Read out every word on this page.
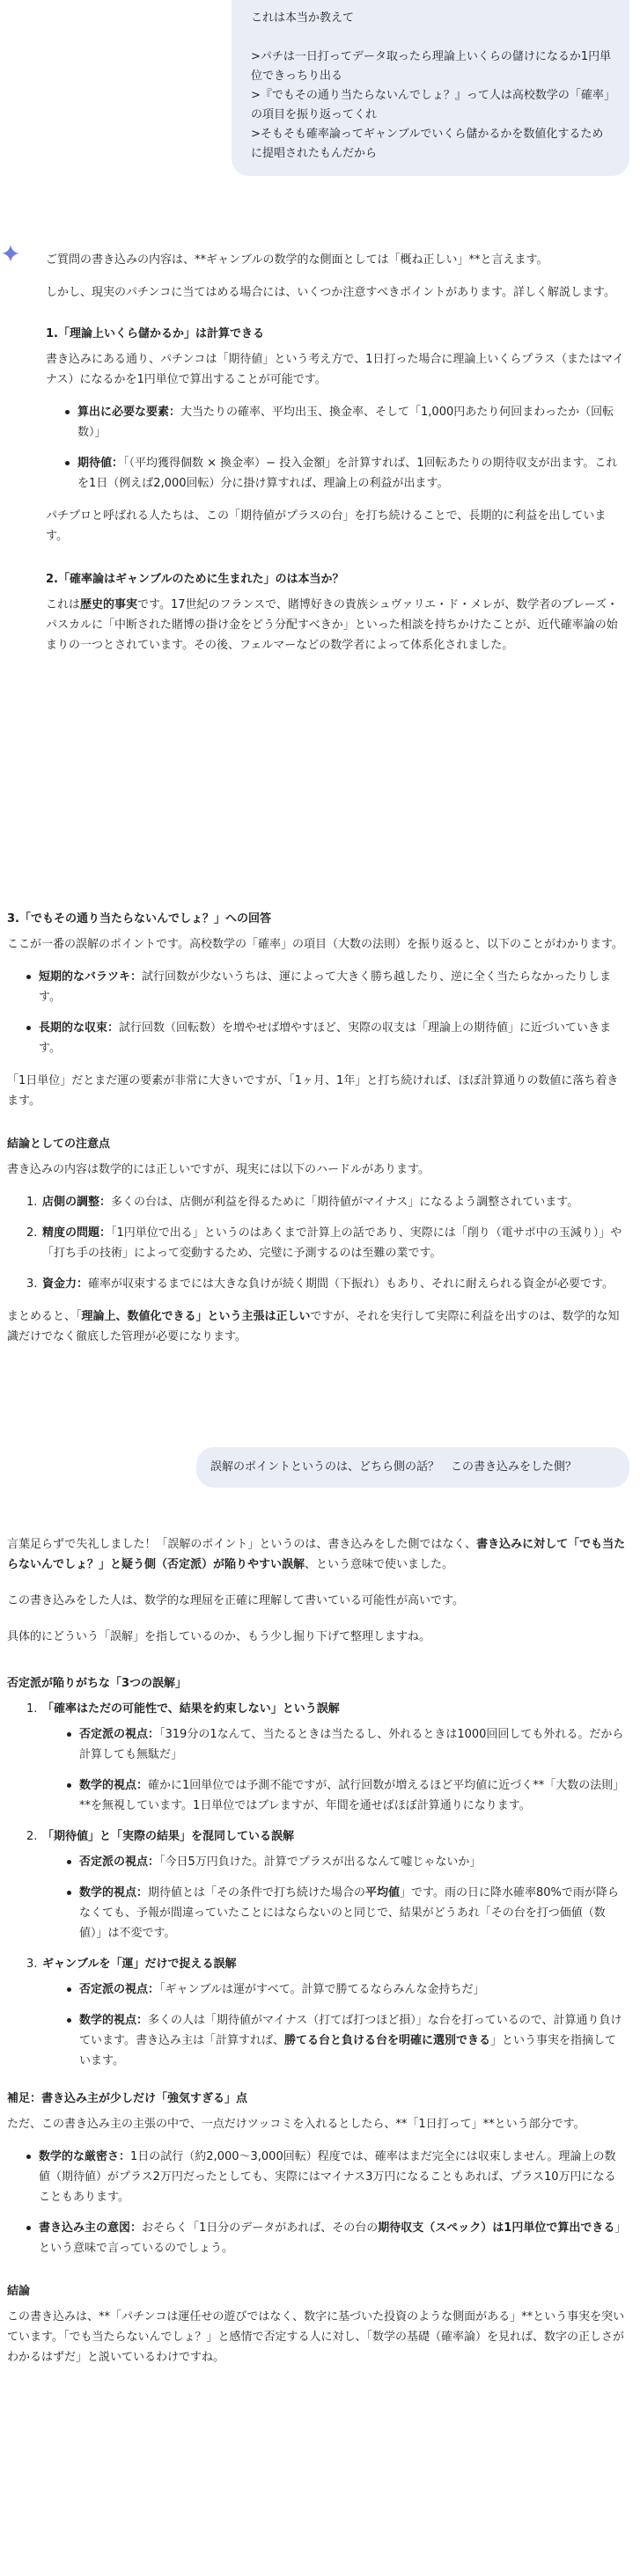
これは本当か教えて

>パチは一日打ってデータ取ったら理論上いくらの儲けになるか1円単位できっちり出る

>『でもその通り当たらないんでしょ？』って人は高校数学の「確率」の項目を振り返ってくれ

>そもそも確率論ってギャンブルでいくら儲かるかを数値化するために提唱されたもんだから

ご質問の書き込みの内容は、**ギャンブルの数学的な側面としては「概ね正しい」**と言えます。

しかし、現実のパチンコに当てはめる場合には、いくつか注意すべきポイントがあります。詳しく解説します。

1.「理論上いくら儲かるか」は計算できる

書き込みにある通り、パチンコは「期待値」という考え方で、1日打った場合に理論上いくらプラス（またはマイナス）になるかを1円単位で算出することが可能です。

算出に必要な要素：大当たりの確率、平均出玉、換金率、そして「1,000円あたり何回まわったか（回転数）」
期待値：「（平均獲得個数 × 換金率）− 投入金額」を計算すれば、1回転あたりの期待収支が出ます。これを1日（例えば2,000回転）分に掛け算すれば、理論上の利益が出ます。

パチプロと呼ばれる人たちは、この「期待値がプラスの台」を打ち続けることで、長期的に利益を出しています。

2.「確率論はギャンブルのために生まれた」のは本当か？

これは歴史的事実です。17世紀のフランスで、賭博好きの貴族シュヴァリエ・ド・メレが、数学者のブレーズ・パスカルに「中断された賭博の掛け金をどう分配すべきか」といった相談を持ちかけたことが、近代確率論の始まりの一つとされています。その後、フェルマーなどの数学者によって体系化されました。

3.「でもその通り当たらないんでしょ？」への回答

ここが一番の誤解のポイントです。高校数学の「確率」の項目（大数の法則）を振り返ると、以下のことがわかります。

短期的なバラツキ：試行回数が少ないうちは、運によって大きく勝ち越したり、逆に全く当たらなかったりします。
長期的な収束：試行回数（回転数）を増やせば増やすほど、実際の収支は「理論上の期待値」に近づいていきます。

「1日単位」だとまだ運の要素が非常に大きいですが、「1ヶ月、1年」と打ち続ければ、ほぼ計算通りの数値に落ち着きます。

結論としての注意点

書き込みの内容は数学的には正しいですが、現実には以下のハードルがあります。

1. 店側の調整：多くの台は、店側が利益を得るために「期待値がマイナス」になるよう調整されています。
2. 精度の問題：「1円単位で出る」というのはあくまで計算上の話であり、実際には「削り（電サポ中の玉減り）」や「打ち手の技術」によって変動するため、完璧に予測するのは至難の業です。
3. 資金力：確率が収束するまでには大きな負けが続く期間（下振れ）もあり、それに耐えられる資金が必要です。

まとめると、「理論上、数値化できる」という主張は正しいですが、それを実行して実際に利益を出すのは、数学的な知識だけでなく徹底した管理が必要になります。

誤解のポイントというのは、どちら側の話？　この書き込みをした側？

言葉足らずで失礼しました！「誤解のポイント」というのは、書き込みをした側ではなく、書き込みに対して「でも当たらないんでしょ？」と疑う側（否定派）が陥りやすい誤解、という意味で使いました。

この書き込みをした人は、数学的な理屈を正確に理解して書いている可能性が高いです。

具体的にどういう「誤解」を指しているのか、もう少し掘り下げて整理しますね。

否定派が陥りがちな「3つの誤解」
1. 「確率はただの可能性で、結果を約束しない」という誤解
否定派の視点：「319分の1なんて、当たるときは当たるし、外れるときは1000回回しても外れる。だから計算しても無駄だ」
数学的視点：確かに1回単位では予測不能ですが、試行回数が増えるほど平均値に近づく**「大数の法則」**を無視しています。1日単位ではブレますが、年間を通せばほぼ計算通りになります。
2. 「期待値」と「実際の結果」を混同している誤解
否定派の視点：「今日5万円負けた。計算でプラスが出るなんて嘘じゃないか」
数学的視点：期待値とは「その条件で打ち続けた場合の平均値」です。雨の日に降水確率80%で雨が降らなくても、予報が間違っていたことにはならないのと同じで、結果がどうあれ「その台を打つ価値（数値）」は不変です。
3. ギャンブルを「運」だけで捉える誤解
否定派の視点：「ギャンブルは運がすべて。計算で勝てるならみんな金持ちだ」
数学的視点：多くの人は「期待値がマイナス（打てば打つほど損）」な台を打っているので、計算通り負けています。書き込み主は「計算すれば、勝てる台と負ける台を明確に選別できる」という事実を指摘しています。
補足：書き込み主が少しだけ「強気すぎる」点

ただ、この書き込み主の主張の中で、一点だけツッコミを入れるとしたら、**「1日打って」**という部分です。

数学的な厳密さ：1日の試行（約2,000〜3,000回転）程度では、確率はまだ完全には収束しません。理論上の数値（期待値）がプラス2万円だったとしても、実際にはマイナス3万円になることもあれば、プラス10万円になることもあります。
書き込み主の意図：おそらく「1日分のデータがあれば、その台の期待収支（スペック）は1円単位で算出できる」という意味で言っているのでしょう。
結論

この書き込みは、**「パチンコは運任せの遊びではなく、数字に基づいた投資のような側面がある」**という事実を突いています。「でも当たらないんでしょ？」と感情で否定する人に対し、「数学の基礎（確率論）を見れば、数字の正しさがわかるはずだ」と説いているわけですね。
